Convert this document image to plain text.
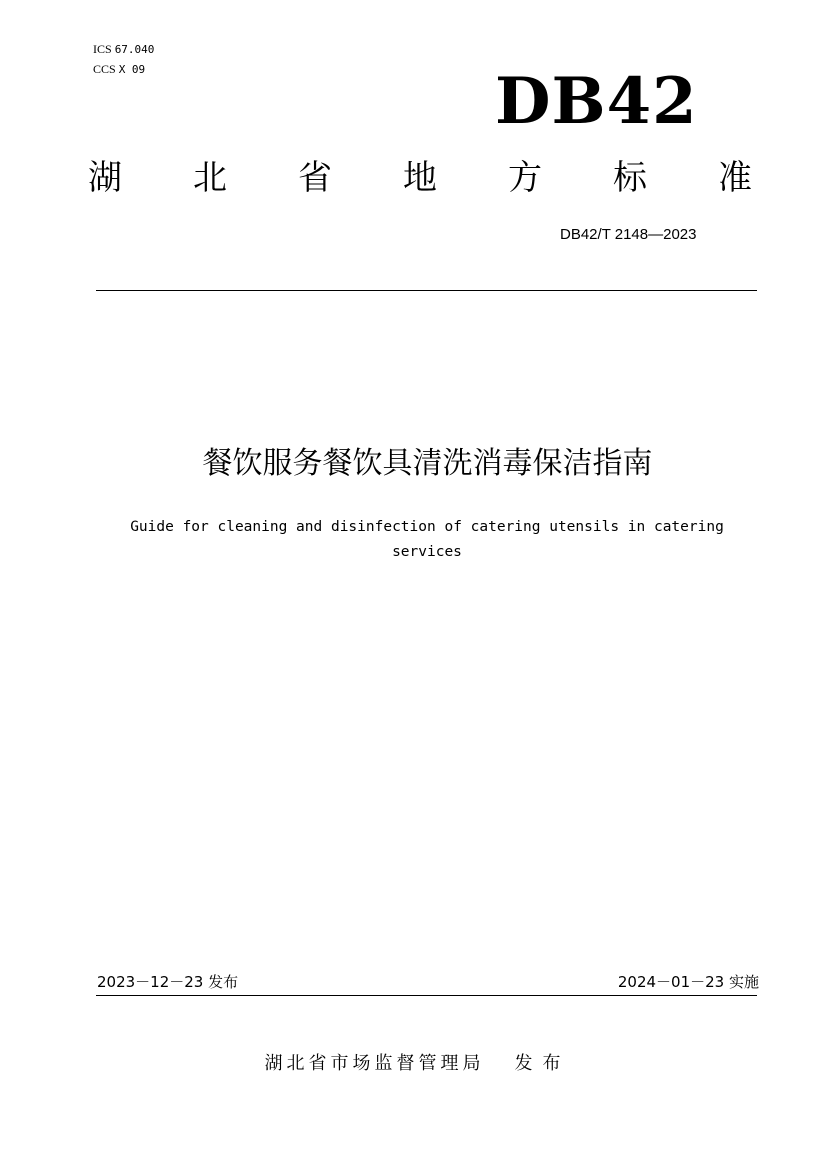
ICS 67.040
CCS X 09	DB42
湖 北 省 地 方 标 准
DB42/T 2148—2023
餐饮服务餐饮具清洗消毒保洁指南
Guide for cleaning and disinfection of catering utensils in catering services
2023－12－23 发布	2024－01－23 实施
湖北省市场监督管理局 发布
